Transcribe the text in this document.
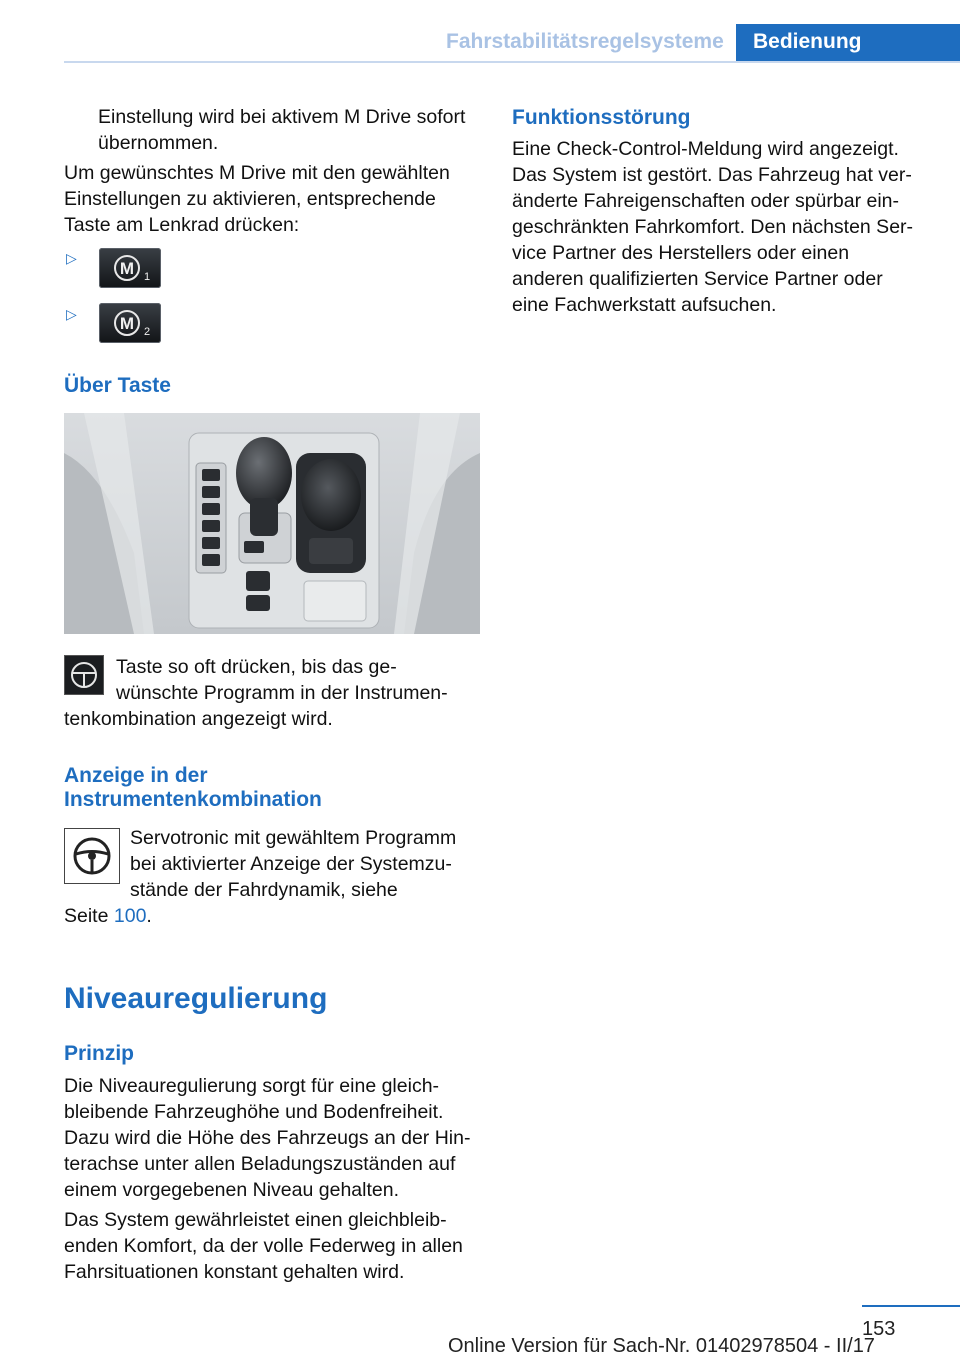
Fahrstabilitätsregelsysteme Bedienung
Einstellung wird bei aktivem M Drive sofort
übernommen.
Um gewünschtes M Drive mit den gewählten
Einstellungen zu aktivieren, entsprechende
Taste am Lenkrad drücken:
▷
M 1
▷	M 2
Über Taste
Taste so oft drücken, bis das ge‐
wünschte Programm in der Instrumen‐
tenkombination angezeigt wird.
Anzeige in der
Instrumentenkombination
Servotronic mit gewähltem Programm
bei aktivierter Anzeige der Systemzu‐
stände der Fahrdynamik, siehe
Seite 100.
Niveauregulierung
Prinzip
Die Niveauregulierung sorgt für eine gleich‐
bleibende Fahrzeughöhe und Bodenfreiheit.
Dazu wird die Höhe des Fahrzeugs an der Hin‐
terachse unter allen Beladungszuständen auf
einem vorgegebenen Niveau gehalten.
Das System gewährleistet einen gleichbleib‐
enden Komfort, da der volle Federweg in allen
Fahrsituationen konstant gehalten wird.
Funktionsstörung
Eine Check-Control-Meldung wird angezeigt.
Das System ist gestört. Das Fahrzeug hat ver‐
änderte Fahreigenschaften oder spürbar ein‐
geschränkten Fahrkomfort. Den nächsten Ser‐
vice Partner des Herstellers oder einen
anderen qualifizierten Service Partner oder
eine Fachwerkstatt aufsuchen.
153
Online Version für Sach-Nr. 01402978504 - II/17
